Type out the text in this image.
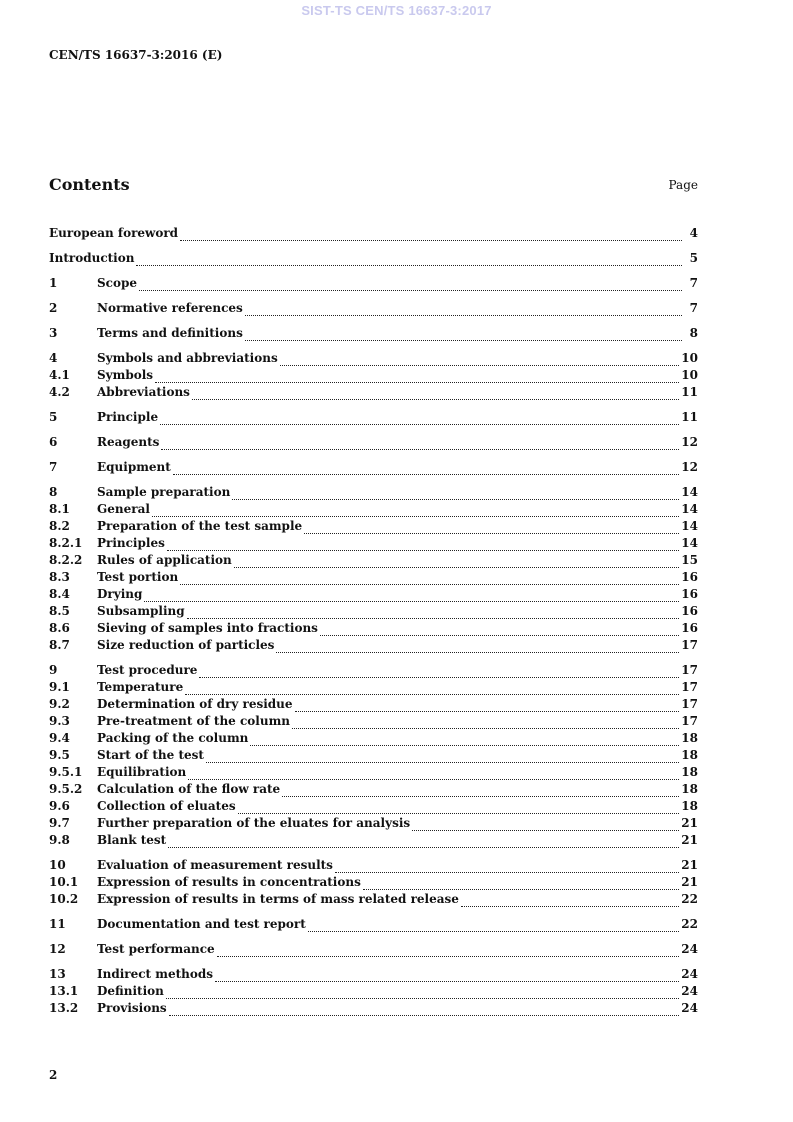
SIST-TS CEN/TS 16637-3:2017
CEN/TS 16637-3:2016 (E)
Contents	Page
European foreword	4
Introduction	5
1	Scope	7
2	Normative references	7
3	Terms and definitions	8
4	Symbols and abbreviations	10
4.1	Symbols	10
4.2	Abbreviations	11
5	Principle	11
6	Reagents	12
7	Equipment	12
8	Sample preparation	14
8.1	General	14
8.2	Preparation of the test sample	14
8.2.1	Principles	14
8.2.2	Rules of application	15
8.3	Test portion	16
8.4	Drying	16
8.5	Subsampling	16
8.6	Sieving of samples into fractions	16
8.7	Size reduction of particles	17
9	Test procedure	17
9.1	Temperature	17
9.2	Determination of dry residue	17
9.3	Pre-treatment of the column	17
9.4	Packing of the column	18
9.5	Start of the test	18
9.5.1	Equilibration	18
9.5.2	Calculation of the flow rate	18
9.6	Collection of eluates	18
9.7	Further preparation of the eluates for analysis	21
9.8	Blank test	21
10	Evaluation of measurement results	21
10.1	Expression of results in concentrations	21
10.2	Expression of results in terms of mass related release	22
11	Documentation and test report	22
12	Test performance	24
13	Indirect methods	24
13.1	Definition	24
13.2	Provisions	24
2
